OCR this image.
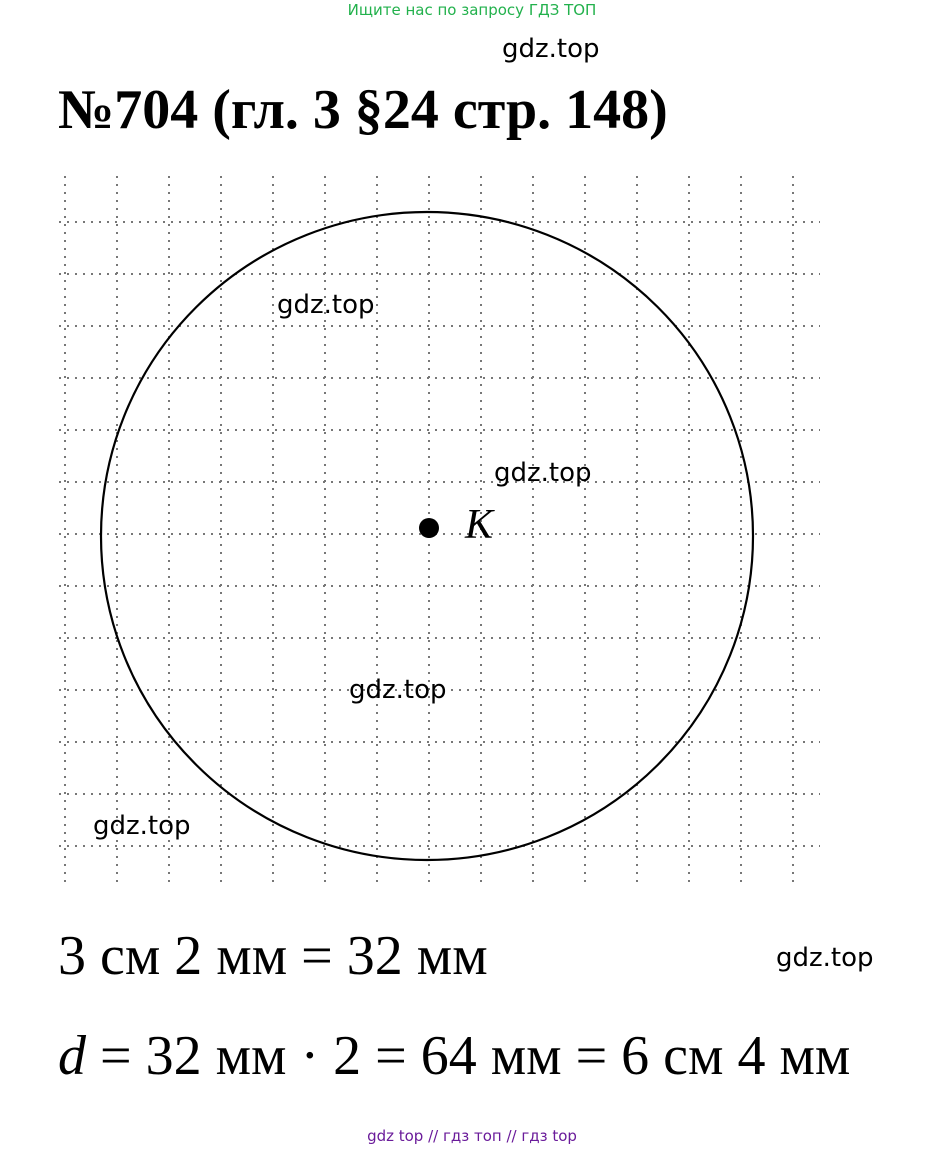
Ищите нас по запросу ГДЗ ТОП
gdz.top
№704 (гл. 3 §24 стр. 148)
K
gdz.top
gdz.top
gdz.top
gdz.top
3 см 2 мм = 32 мм	gdz.top
d = 32 мм · 2 = 64 мм = 6 см 4 мм
gdz top // гдз топ // гдз top
